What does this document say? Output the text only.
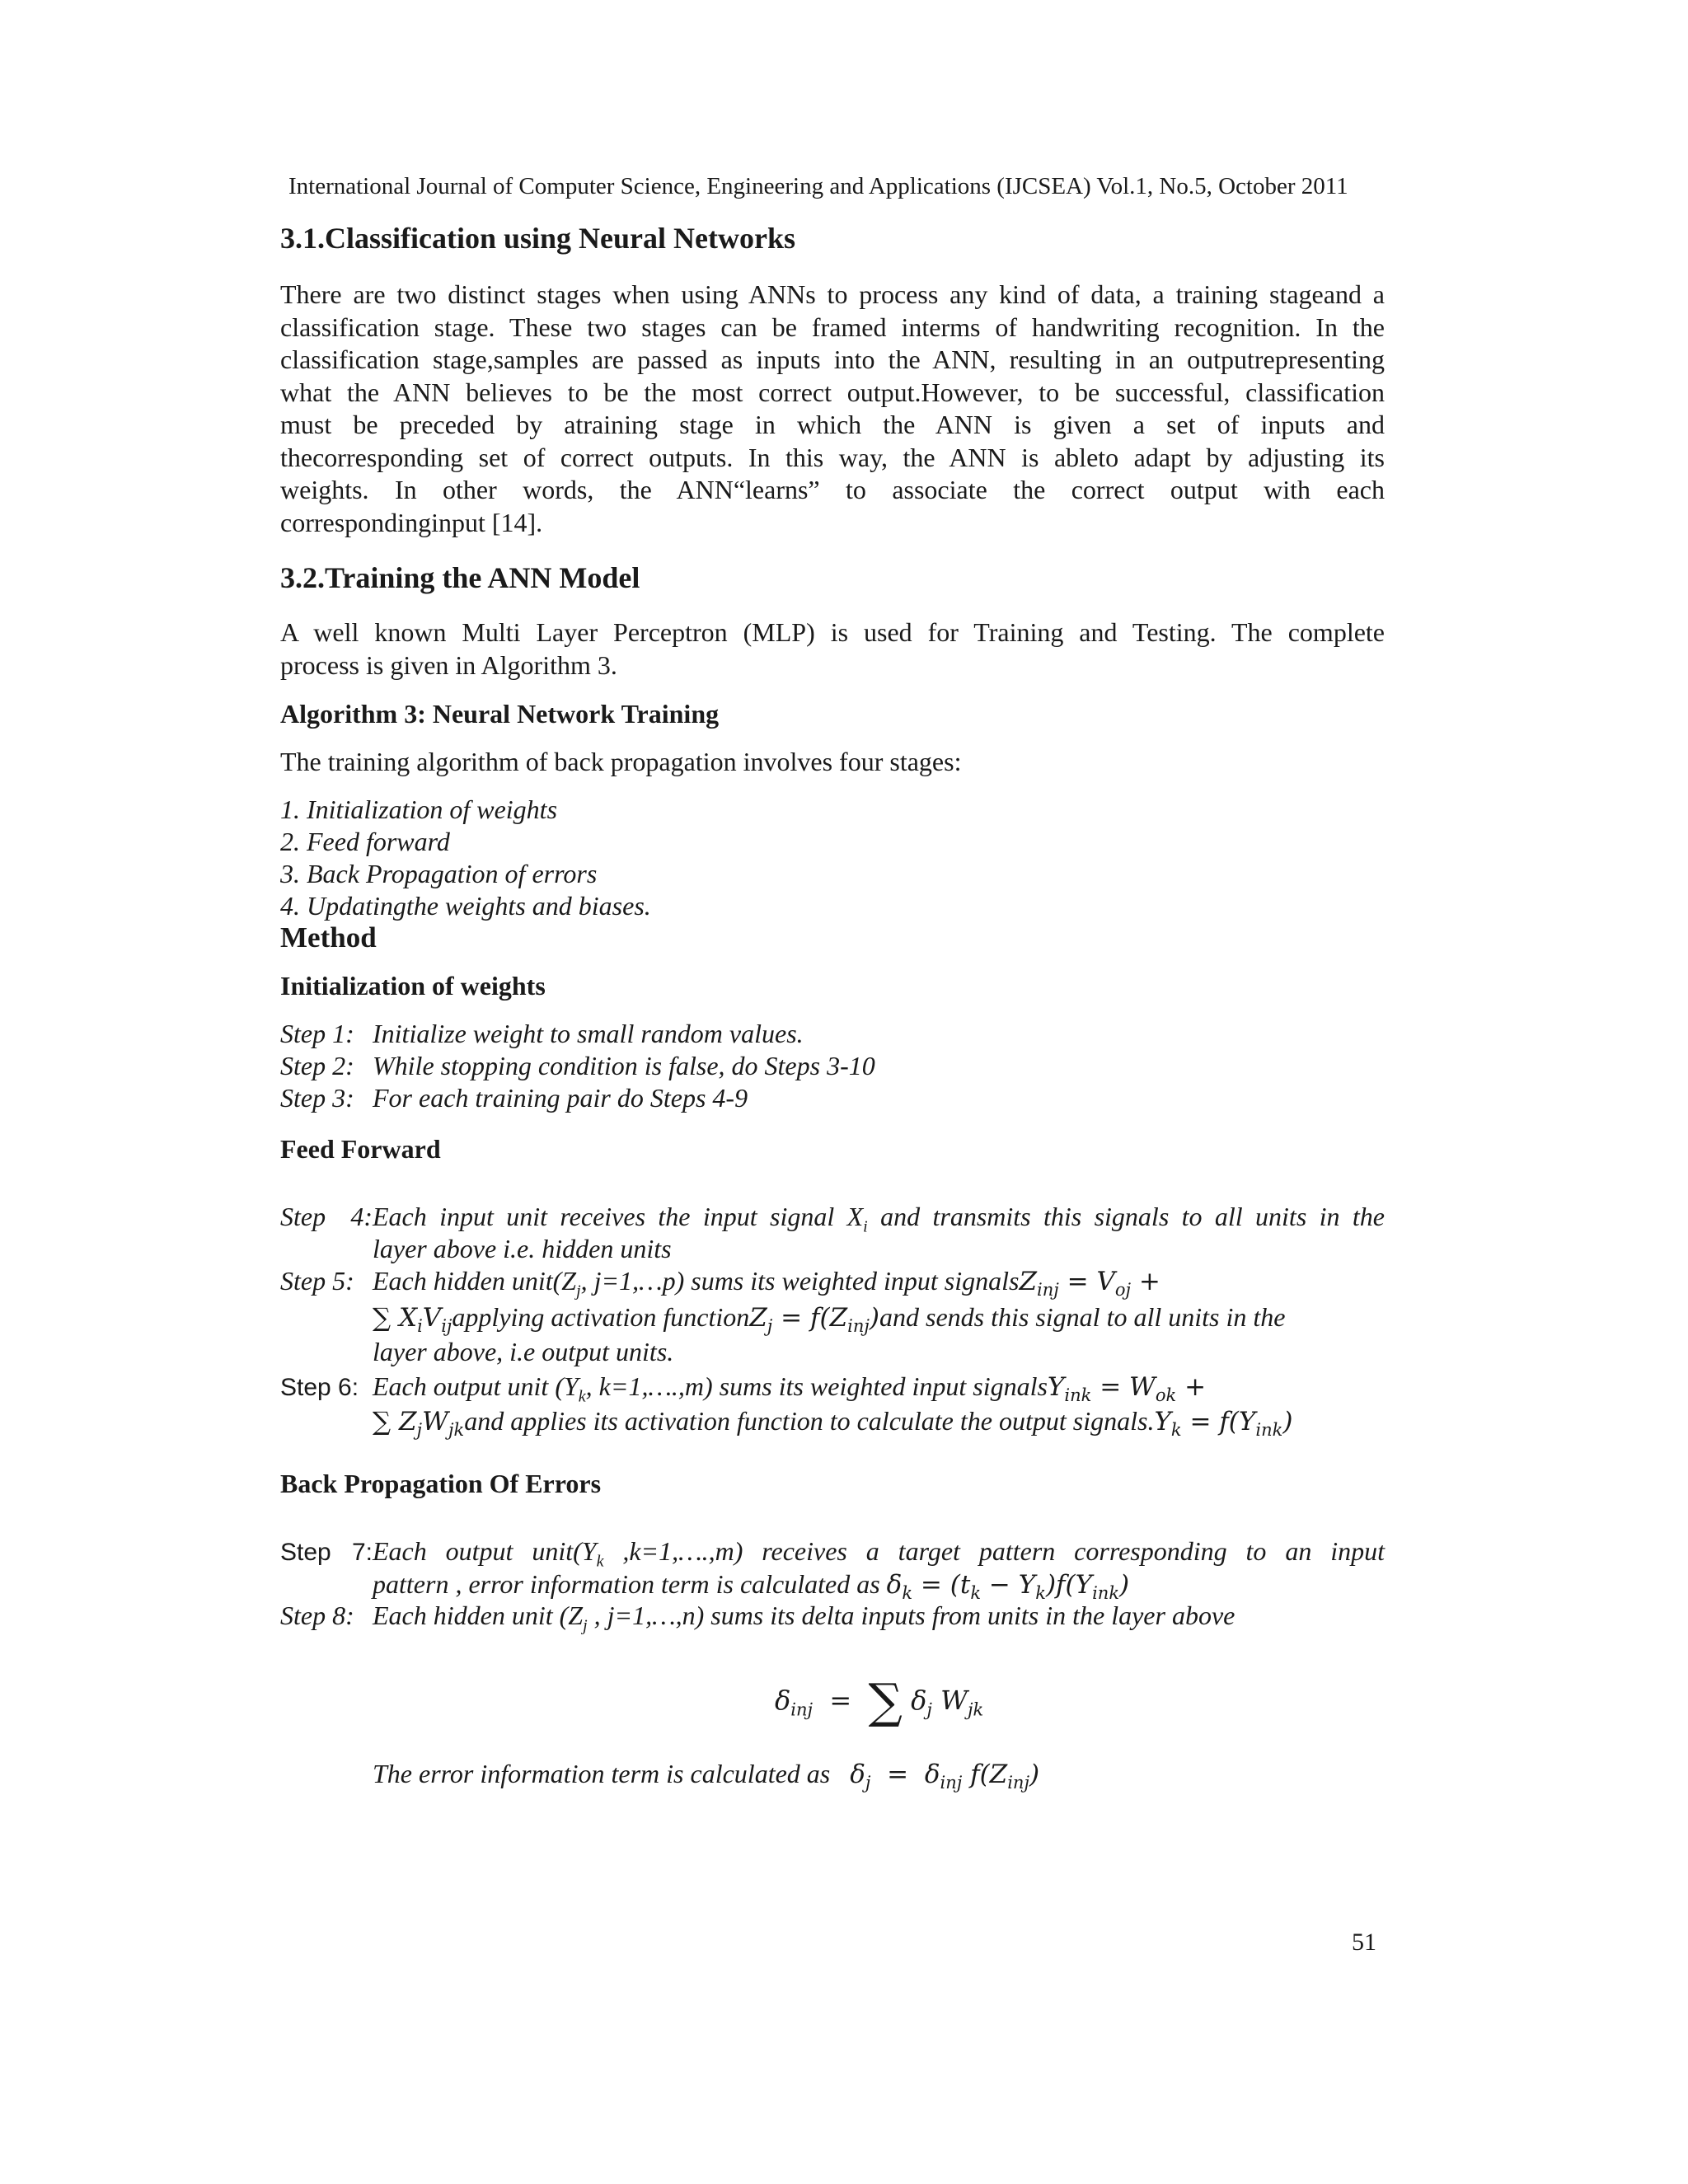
International Journal of Computer Science, Engineering and Applications (IJCSEA) Vol.1, No.5, October 2011
3.1.Classification using Neural Networks
There are two distinct stages when using ANNs to process any kind of data, a training stageand a
classification stage. These two stages can be framed interms of handwriting recognition. In the
classification stage,samples are passed as inputs into the ANN, resulting in an outputrepresenting
what the ANN believes to be the most correct output.However, to be successful, classification
must be preceded by atraining stage in which the ANN is given a set of inputs and
thecorresponding set of correct outputs. In this way, the ANN is ableto adapt by adjusting its
weights. In other words, the ANN“learns” to associate the correct output with each
correspondinginput [14].
3.2.Training the ANN Model
A well known Multi Layer Perceptron (MLP) is used for Training and Testing. The complete
process is given in Algorithm 3.
Algorithm 3: Neural Network Training
The training algorithm of back propagation involves four stages:
1. Initialization of weights
2. Feed forward
3. Back Propagation of errors
4. Updatingthe weights and biases.
Method
Initialization of weights
Step 1: Initialize weight to small random values.
Step 2: While stopping condition is false, do Steps 3-10
Step 3: For each training pair do Steps 4-9
Feed Forward
Step 4:Each input unit receives the input signal $X_i$ and transmits this signals to all units in the
layer above i.e. hidden units
Step 5: Each hidden $unit(Z_j$, j=1,…p) sums its weighted input signalsZ$_{inj}$ = $V_{oj}$ +
∑ $X_iV_{ij}applying$ activation functionZ$_j$ = $f(Z_{inj})and$ sends this signal to all units in the
layer above, i.e output units.
Step 6: Each output unit ($Y_k$, k=1,….,m) sums its weighted input signalsY$_{ink}$ = $W_{ok}$ +
∑ $Z_jW_{jk}and$ applies its activation function to calculate the output $signals.Y_k = f(Y_{ink})$
Back Propagation Of Errors
Step 7:Each output $unit(Y_k$ ,k=1,….,m) receives a target pattern corresponding to an input
pattern , error information term is calculated as $\delta_k = (t_k - Y_k)f(Y_{ink})$
Step 8: Each hidden unit ($Z_j$ , j=1,…,n) sums its delta inputs from units in the layer above
$\delta_{inj}$  =  ∑ $\delta_j$ $W_{jk}$
The error information term is calculated as   $\delta_j = \delta_{inj}$ $f(Z_{inj})$
51
